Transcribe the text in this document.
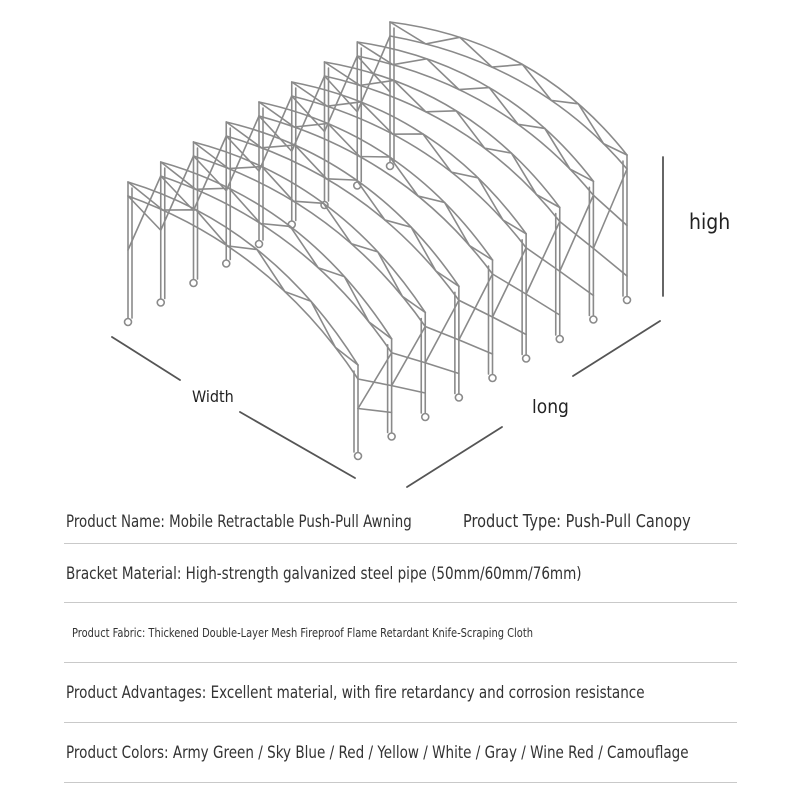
high
Width	long
Product Name: Mobile Retractable Push-Pull Awning	Product Type: Push-Pull Canopy
Bracket Material: High-strength galvanized steel pipe (50mm/60mm/76mm)
Product Fabric: Thickened Double-Layer Mesh Fireproof Flame Retardant Knife-Scraping Cloth
Product Advantages: Excellent material, with fire retardancy and corrosion resistance
Product Colors: Army Green / Sky Blue / Red / Yellow / White / Gray / Wine Red / Camouflage
